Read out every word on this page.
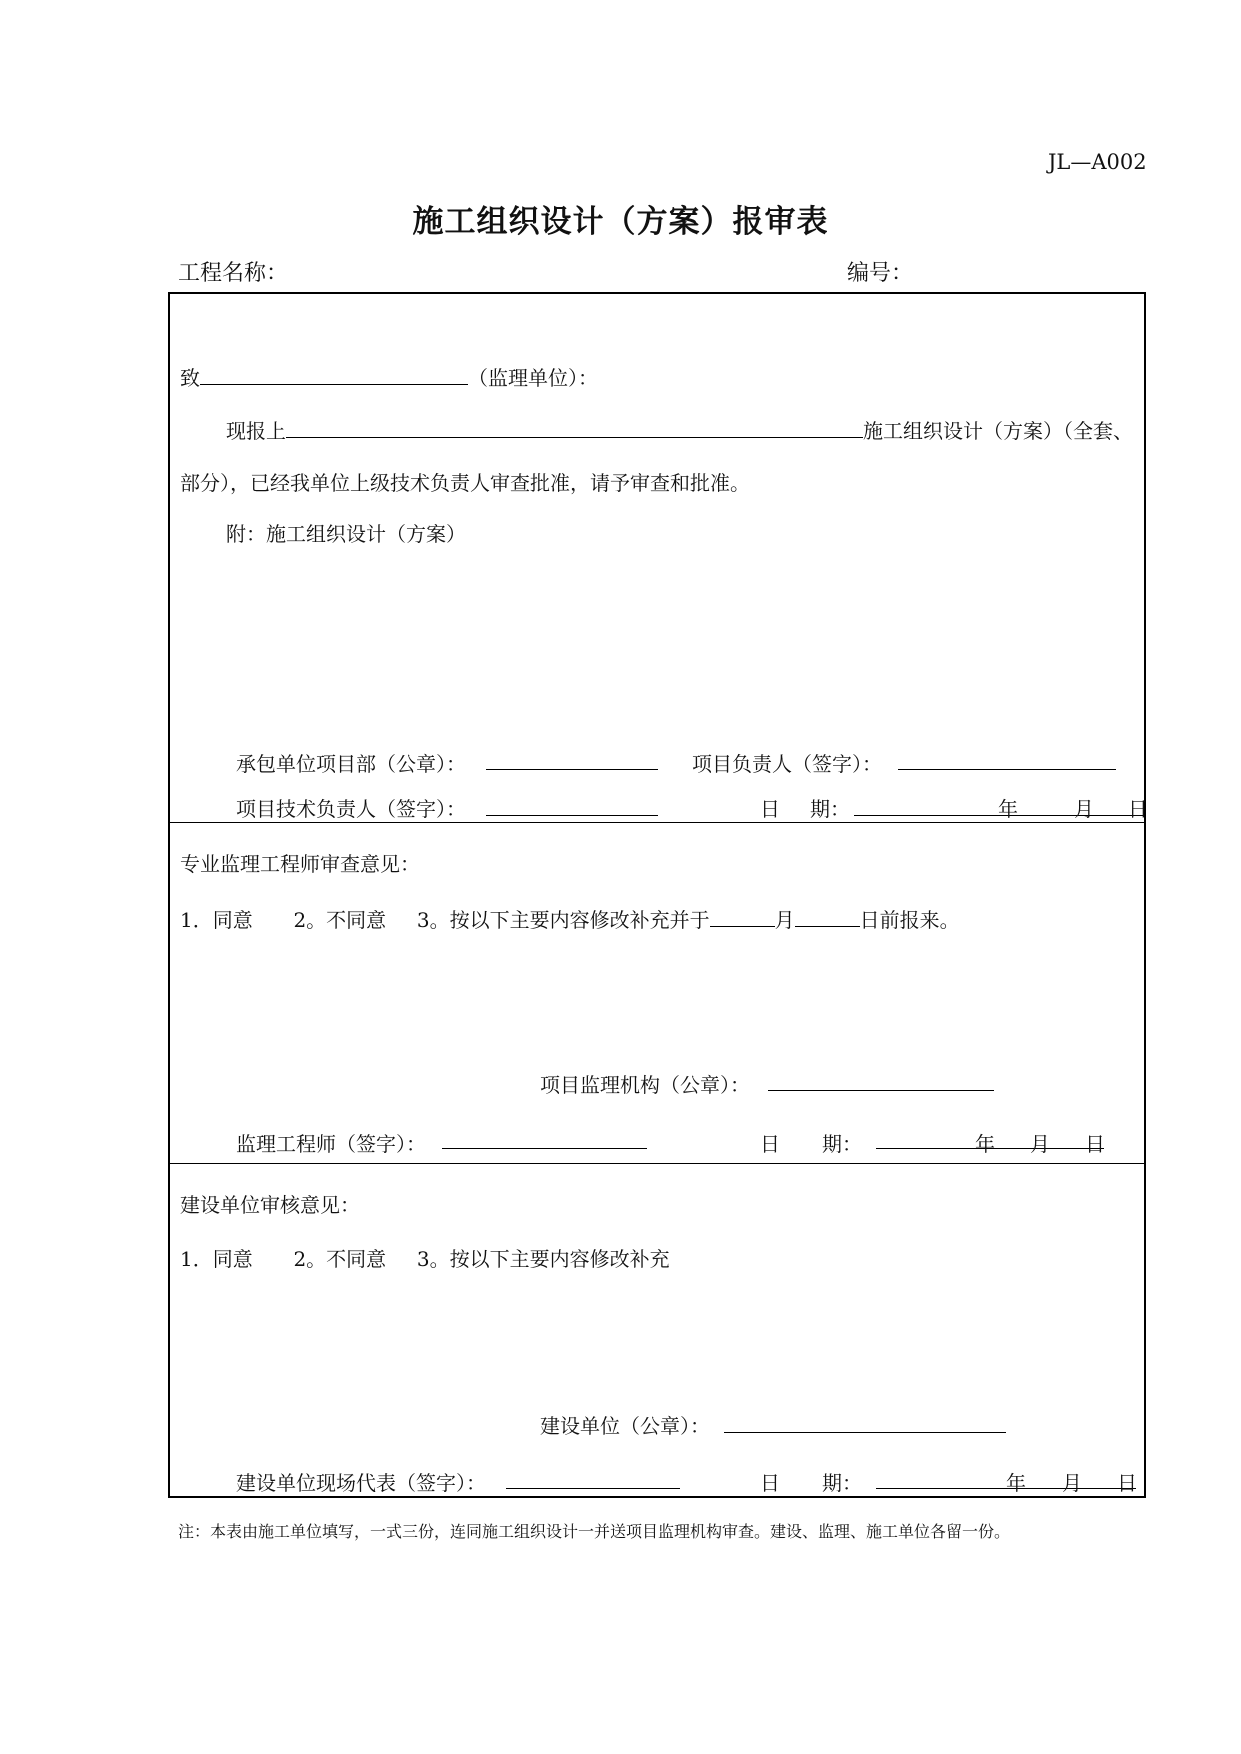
JL—A002
施工组织设计（方案）报审表
工程名称：	编号：
致	（监理单位）：
现报上	施工组织设计（方案）（全套、
部分），已经我单位上级技术负责人审查批准，请予审查和批准。
附：施工组织设计（方案）
承包单位项目部（公章）：	项目负责人（签字）：
项目技术负责人（签字）：	日 期：	年	月 日
专业监理工程师审查意见：
1．同意 2。不同意 3。按以下主要内容修改补充并于	月	日前报来。
项目监理机构（公章）：
监理工程师（签字）：	日 期：	年 月 日
建设单位审核意见：
1．同意 2。不同意 3。按以下主要内容修改补充
建设单位（公章）：
建设单位现场代表（签字）：	日 期：	年 月 日
注：本表由施工单位填写，一式三份，连同施工组织设计一并送项目监理机构审查。建设、监理、施工单位各留一份。
